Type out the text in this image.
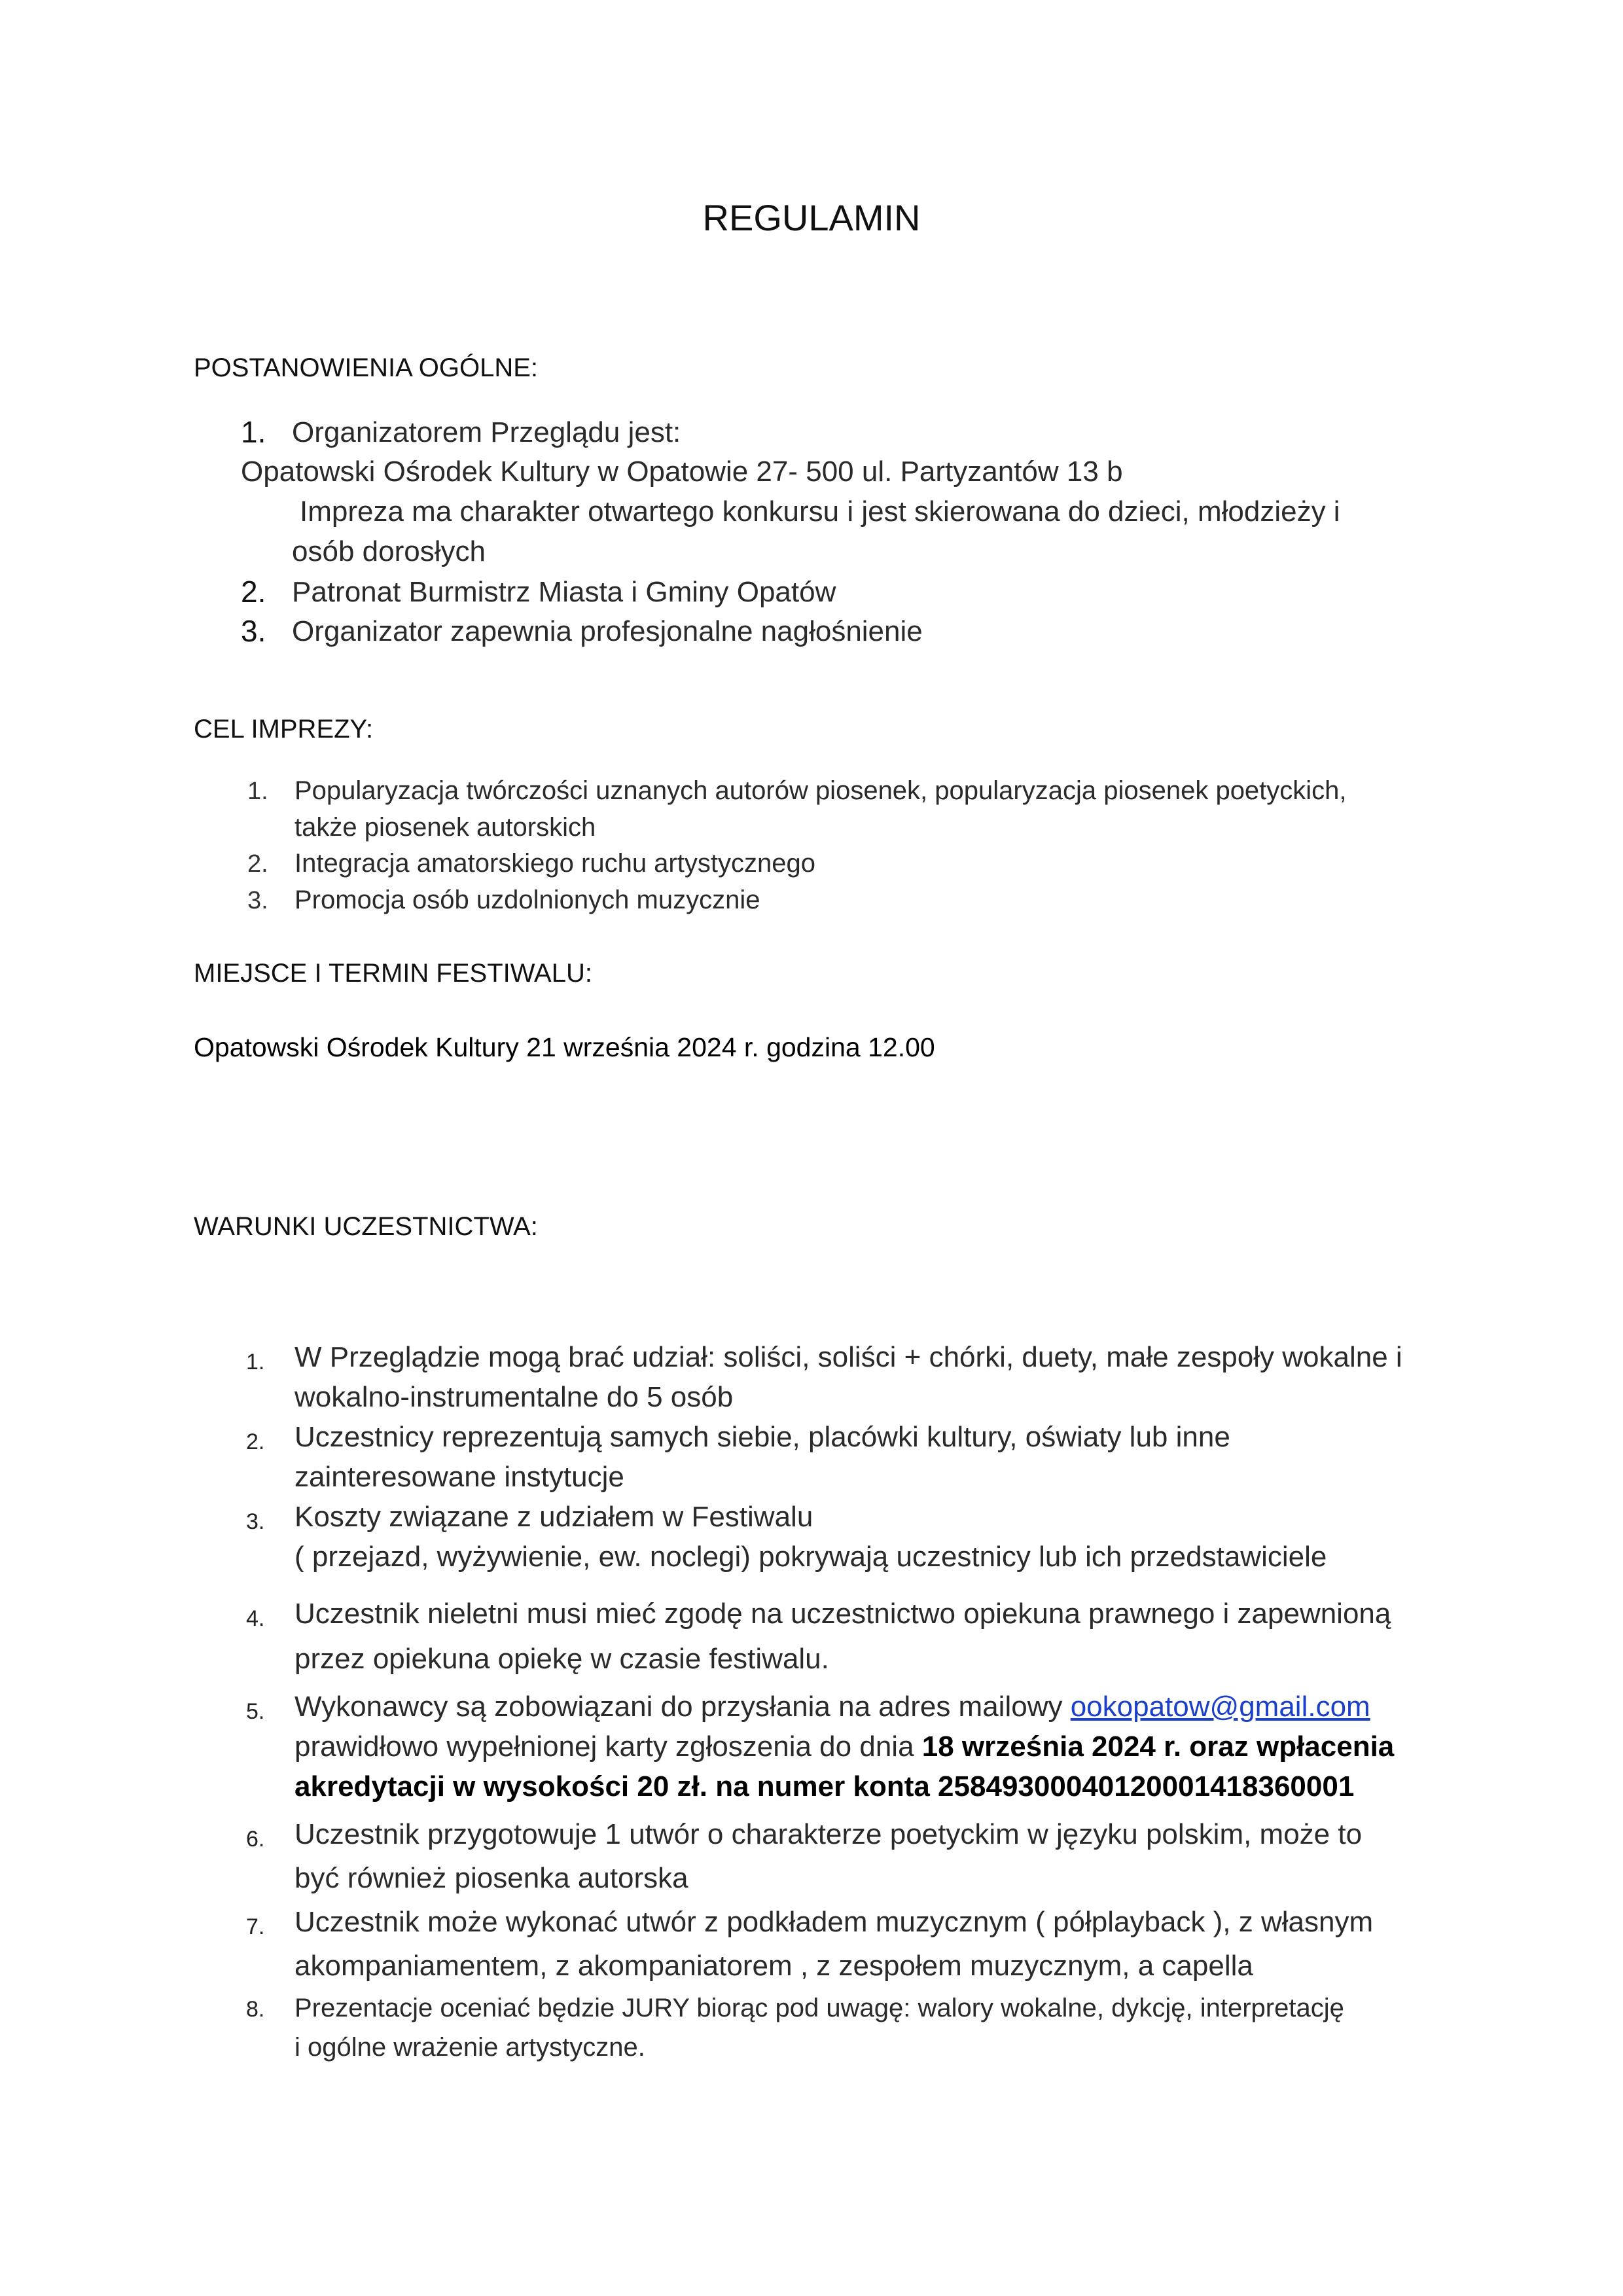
REGULAMIN
POSTANOWIENIA OGÓLNE:
1. Organizatorem Przeglądu jest:
Opatowski Ośrodek Kultury w Opatowie 27- 500 ul. Partyzantów 13 b
Impreza ma charakter otwartego konkursu i jest skierowana do dzieci, młodzieży i
osób dorosłych
2. Patronat Burmistrz Miasta i Gminy Opatów
3. Organizator zapewnia profesjonalne nagłośnienie
CEL IMPREZY:
1. Popularyzacja twórczości uznanych autorów piosenek, popularyzacja piosenek poetyckich,
także piosenek autorskich
2. Integracja amatorskiego ruchu artystycznego
3. Promocja osób uzdolnionych muzycznie
MIEJSCE I TERMIN FESTIWALU:
Opatowski Ośrodek Kultury 21 września 2024 r. godzina 12.00
WARUNKI UCZESTNICTWA:
1. W Przeglądzie mogą brać udział: soliści, soliści + chórki, duety, małe zespoły wokalne i
wokalno-instrumentalne do 5 osób
2. Uczestnicy reprezentują samych siebie, placówki kultury, oświaty lub inne
zainteresowane instytucje
3. Koszty związane z udziałem w Festiwalu
( przejazd, wyżywienie, ew. noclegi) pokrywają uczestnicy lub ich przedstawiciele
4. Uczestnik nieletni musi mieć zgodę na uczestnictwo opiekuna prawnego i zapewnioną
przez opiekuna opiekę w czasie festiwalu.
5. Wykonawcy są zobowiązani do przysłania na adres mailowy ookopatow@gmail.com
prawidłowo wypełnionej karty zgłoszenia do dnia 18 września 2024 r. oraz wpłacenia
akredytacji w wysokości 20 zł. na numer konta 25849300040120001418360001
6. Uczestnik przygotowuje 1 utwór o charakterze poetyckim w języku polskim, może to
być również piosenka autorska
7. Uczestnik może wykonać utwór z podkładem muzycznym ( półplayback ), z własnym
akompaniamentem, z akompaniatorem , z zespołem muzycznym, a capella
8. Prezentacje oceniać będzie JURY biorąc pod uwagę: walory wokalne, dykcję, interpretację
i ogólne wrażenie artystyczne.
